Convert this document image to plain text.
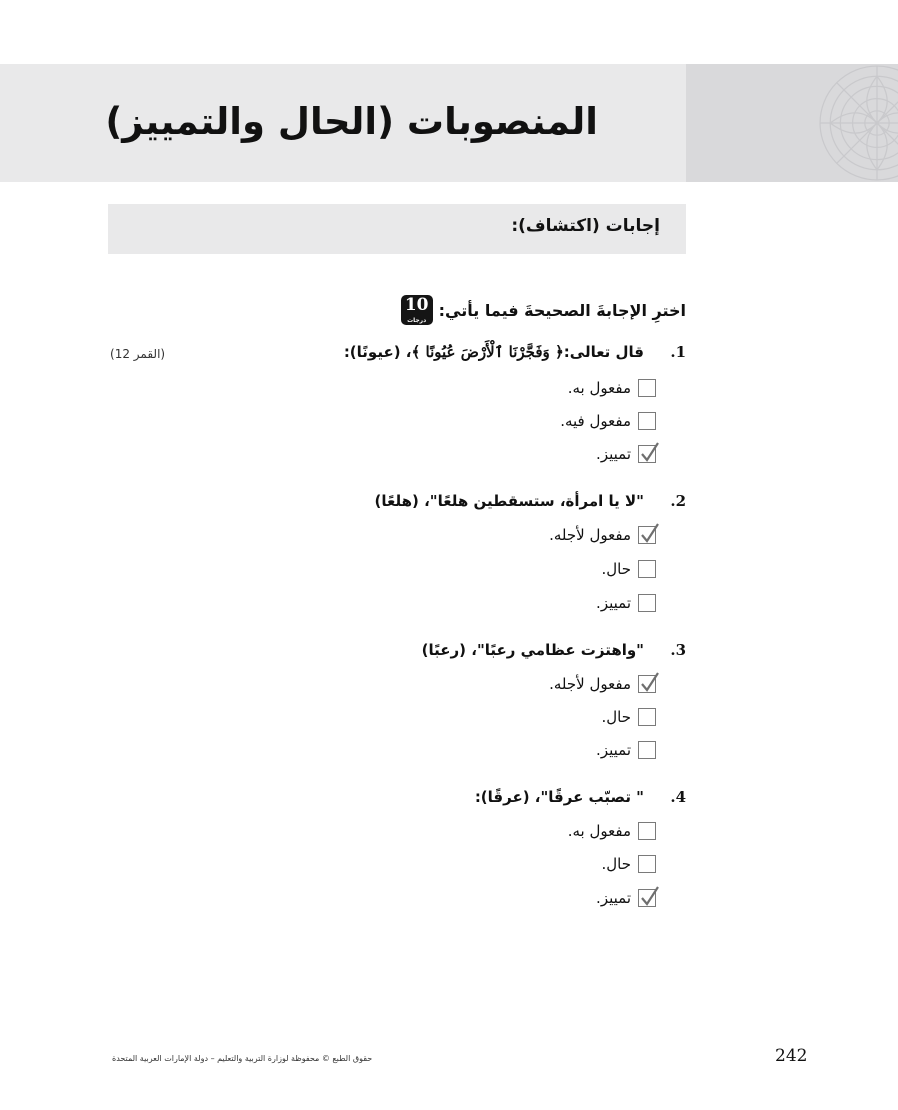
المنصوبات (الحال والتمييز)
إجابات (اكتشاف):
اخترِ الإجابةَ الصحيحةَ فيما يأتي:
10
درجات
1.
قال تعالى:
﴿ وَفَجَّرْنَا ٱلْأَرْضَ عُيُونًا ﴾
، (عيونًا):
(القمر 12)
مفعول به.
مفعول فيه.
تمييز.
2.
"لا يا امرأة، ستسقطين هلعًا"، (هلعًا)
مفعول لأجله.
حال.
تمييز.
3.
"واهتزت عظامي رعبًا"، (رعبًا)
مفعول لأجله.
حال.
تمييز.
4.
" تصبّب عرقًا"، (عرقًا):
مفعول به.
حال.
تمييز.
حقوق الطبع © محفوظة لوزارة التربية والتعليم – دولة الإمارات العربية المتحدة	242
